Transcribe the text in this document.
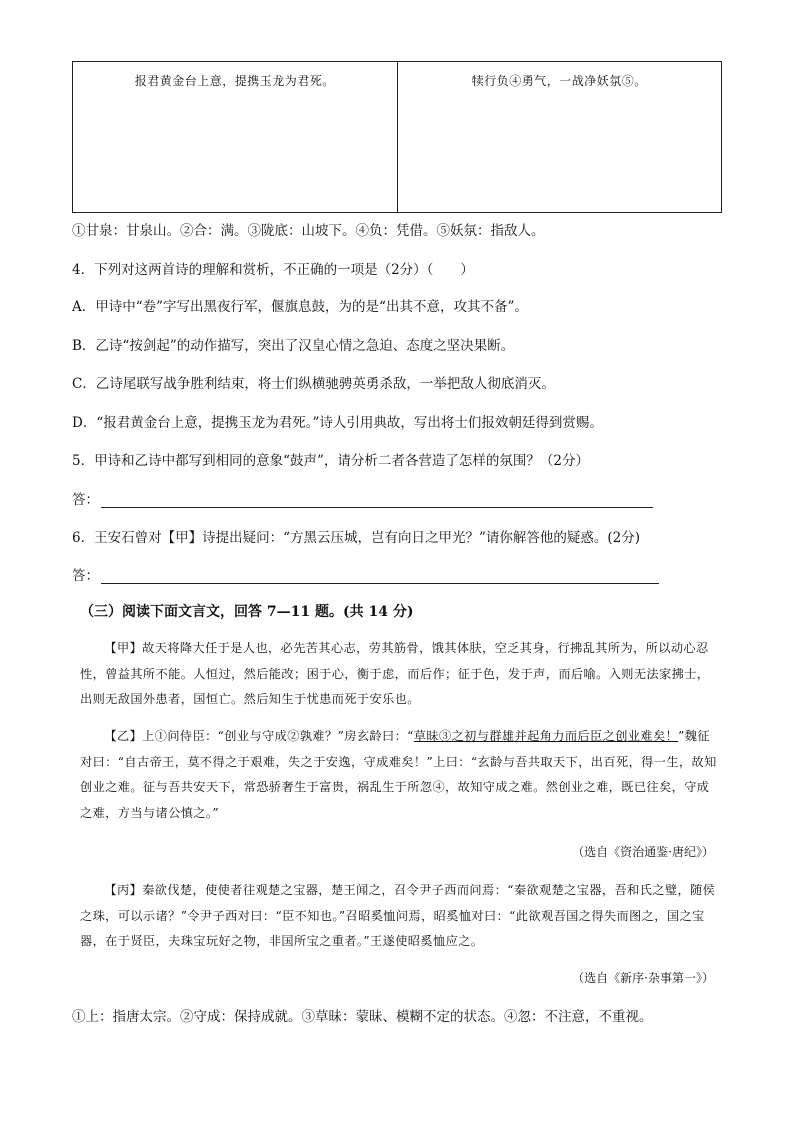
报君黄金台上意，提携玉龙为君死。	犊行负④勇气，一战净妖氛⑤。
①甘泉：甘泉山。②合：满。③陇底：山坡下。④负：凭借。⑤妖氛：指敌人。
4．下列对这两首诗的理解和赏析，不正确的一项是（2分）（　　）
A．甲诗中“卷”字写出黑夜行军，偃旗息鼓，为的是“出其不意，攻其不备”。
B．乙诗“按剑起”的动作描写，突出了汉皇心情之急迫、态度之坚决果断。
C．乙诗尾联写战争胜利结束，将士们纵横驰骋英勇杀敌，一举把敌人彻底消灭。
D．“报君黄金台上意，提携玉龙为君死。”诗人引用典故，写出将士们报效朝廷得到赏赐。
5．甲诗和乙诗中都写到相同的意象“鼓声”，请分析二者各营造了怎样的氛围？（2分）
答：
6．王安石曾对【甲】诗提出疑问：“方黑云压城，岂有向日之甲光？”请你解答他的疑惑。(2分)
答：
（三）阅读下面文言文，回答 7—11 题。(共 14 分)

【甲】故天将降大任于是人也，必先苦其心志，劳其筋骨，饿其体肤，空乏其身，行拂乱其所为，所以动心忍性，曾益其所不能。人恒过，然后能改；困于心，衡于虑，而后作；征于色，发于声，而后喻。入则无法家拂士，出则无敌国外患者，国恒亡。然后知生于忧患而死于安乐也。

【乙】上①问侍臣：“创业与守成②孰难？”房玄龄曰：“草昧③之初与群雄并起角力而后臣之创业难矣！”魏征对曰：“自古帝王，莫不得之于艰难，失之于安逸，守成难矣！”上曰：“玄龄与吾共取天下，出百死，得一生，故知创业之难。征与吾共安天下，常恐骄奢生于富贵，祸乱生于所忽④，故知守成之难。然创业之难，既已往矣，守成之难，方当与诸公慎之。”

（选自《资治通鉴·唐纪》）

【丙】秦欲伐楚，使使者往观楚之宝器，楚王闻之，召令尹子西而问焉：“秦欲观楚之宝器，吾和氏之璧，随侯之珠，可以示诸？”令尹子西对曰：“臣不知也。”召昭奚恤问焉，昭奚恤对曰：“此欲观吾国之得失而图之，国之宝器，在于贤臣，夫珠宝玩好之物，非国所宝之重者。”王遂使昭奚恤应之。

（选自《新序·杂事第一》）
①上：指唐太宗。②守成：保持成就。③草昧：蒙昧、模糊不定的状态。④忽：不注意，不重视。
